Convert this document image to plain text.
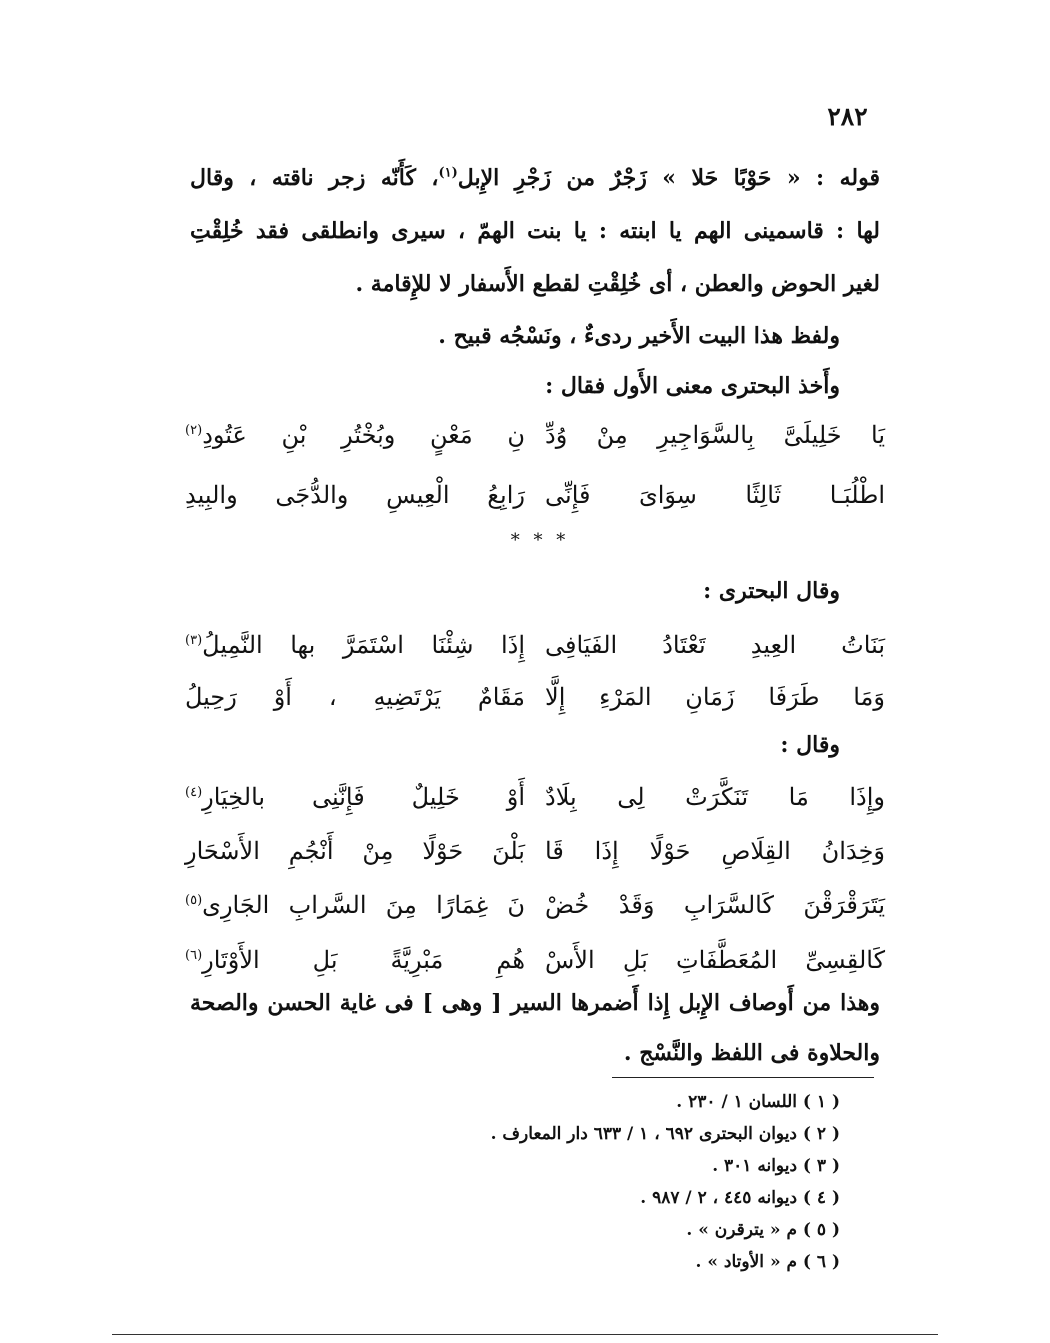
٢٨٢
قوله : « حَوْبًا حَلا » زَجْرٌ من زَجْرِ الإِبل$^{(١)}$، كَأَنّه زجر ناقته ، وقال
لها : قاسمينى الهم يا ابنته : يا بنت الهمّ ، سيرى وانطلقى فقد خُلِقْتِ
لغير الحوض والعطن ، أى خُلِقْتِ لقطع الأَسفار لا للإِقامة .
ولفظ هذا البيت الأَخير ردىءٌ ، ونَسْجُه قبيح .
وأَخذ البحترى معنى الأَول فقال :
يَا
خَلِيلَىَّ
بِالسَّوَاجِيرِ
مِنْ
وُدِّ
نِ
مَعْنٍ
وبُخْتُرِ
بْنِ
عَتُودِ$^{(٢)}$
اطْلُبَـا
ثَالِثًا
سِوَاىَ
فَإِنِّى
رَابِعُ
الْعِيسِ
والدُّجَى
والبِيدِ
* * *
وقال البحترى :
بَنَاتُ
العِيدِ
تَعْتَادُ
الفَيَافِى
إِذَا
شِئْنَا
اسْتَمَرَّ
بها
النَّمِيلُ$^{(٣)}$
وَمَا
طَرَفَا
زَمَانِ
المَرْءِ
إِلَّا
مَقَامٌ
يَرْتَضِيهِ
،
أَوْ
رَحِيلُ
وقال :
وإِذَا
مَا
تَنَكَّرَتْ
لِى
بِلَادٌ
أَوْ
خَلِيلٌ
فَإِنَّنِى
بالخِيَارِ$^{(٤)}$
وَخِدَانُ
القِلَاصِ
حَوْلًا
إِذَا
قَا
بَلْنَ
حَوْلًا
مِنْ
أَنْجُمِ
الأَسْحَارِ
يَتَرَقْرَقْنَ
كَالسَّرَابِ
وَقَدْ
خُضْ
نَ
غِمَارًا
مِنَ
السَّرابِ
الجَارِى$^{(٥)}$
كَالقِسِىِّ
المُعَطَّفَاتِ
بَلِ
الأَسْ
هُمِ
مَبْرِيَّةً
بَلِ
الأَوْتَارِ$^{(٦)}$
وهذا من أَوصاف الإِبل إِذا أَضمرها السير [ وهى ] فى غاية الحسن والصحة
والحلاوة فى اللفظ والنَّسْج .
( ١ ) اللسان ١ / ٢٣٠ .
( ٢ ) ديوان البحترى ٦٩٢ ، ١ / ٦٣٣ دار المعارف .
( ٣ ) ديوانه ٣٠١ .
( ٤ ) ديوانه ٤٤٥ ، ٢ / ٩٨٧ .
( ٥ ) م « يترقرن » .
( ٦ ) م « الأوتاد » .
